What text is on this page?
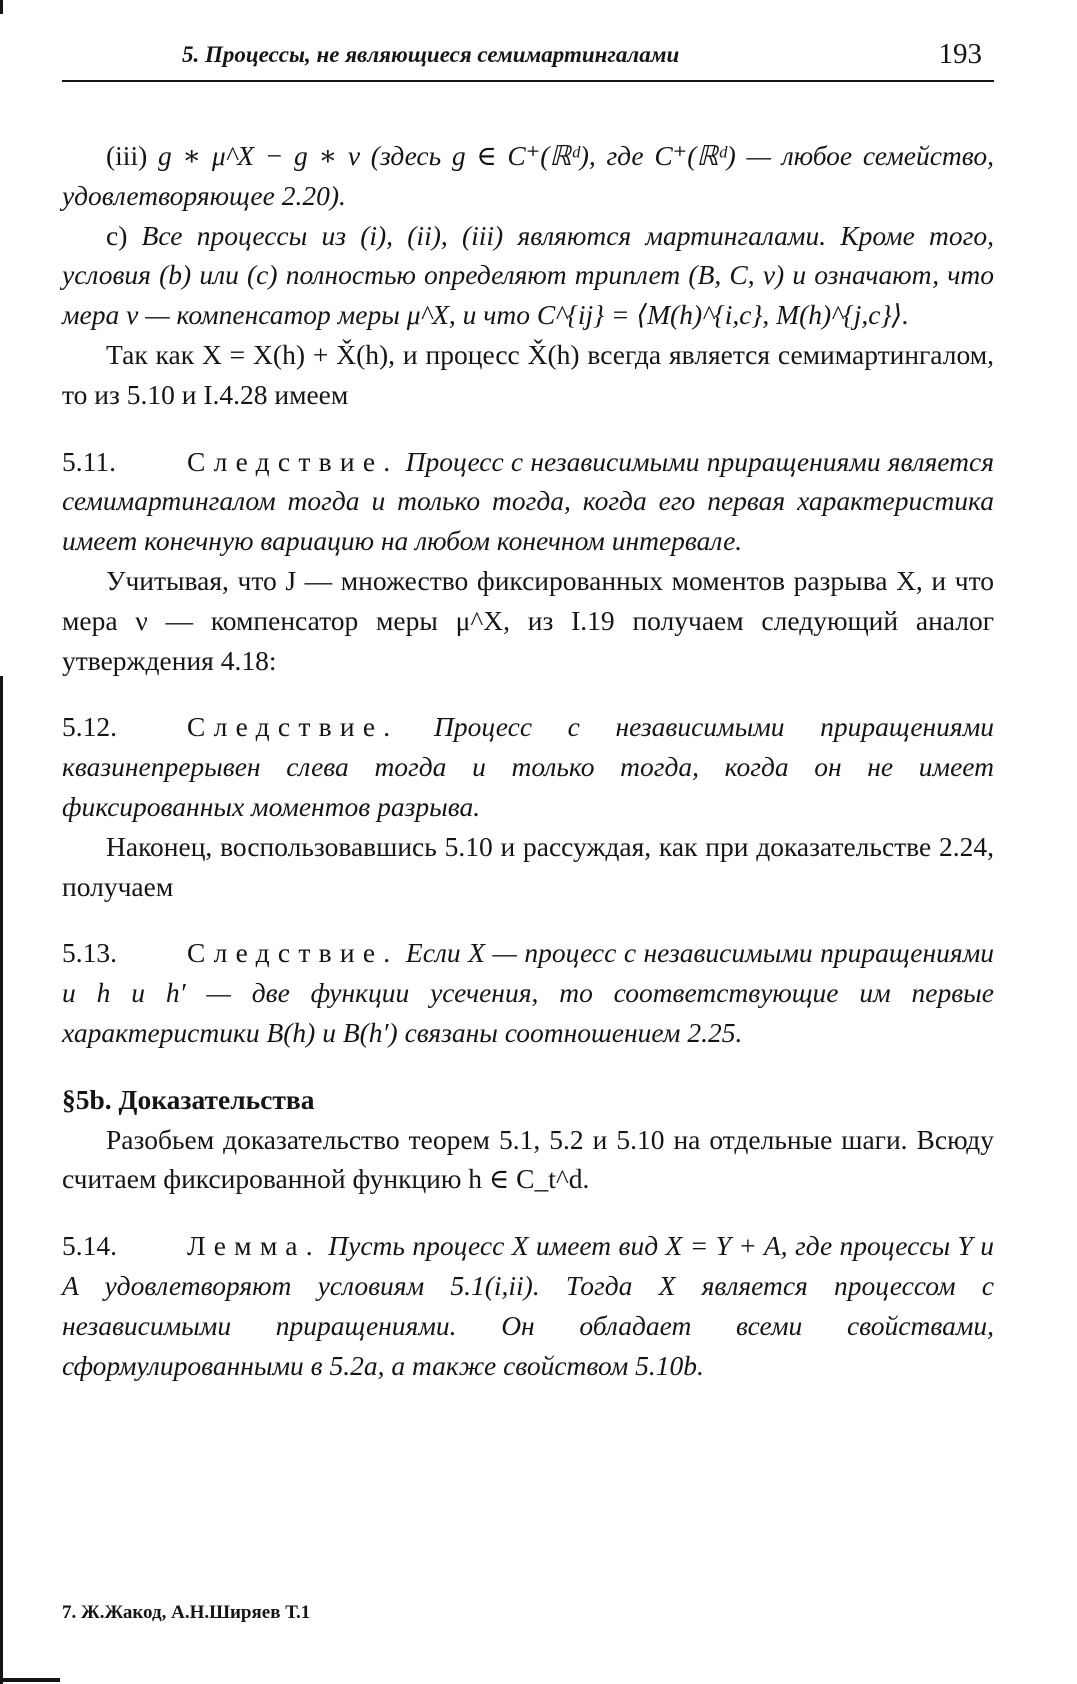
5. Процессы, не являющиеся семимартингалами	193

(iii) g ∗ μ^X − g ∗ ν (здесь g ∈ C⁺(ℝᵈ), где C⁺(ℝᵈ) — любое семейство, удовлетворяющее 2.20).

c) Все процессы из (i), (ii), (iii) являются мартингалами. Кроме того, условия (b) или (c) полностью определяют триплет (B, C, ν) и означают, что мера ν — компенсатор меры μ^X, и что C^{ij} = ⟨M(h)^{i,c}, M(h)^{j,c}⟩.

Так как X = X(h) + X̌(h), и процесс X̌(h) всегда является семимартингалом, то из 5.10 и I.4.28 имеем

5.11.	Следствие. Процесс с независимыми приращениями является семимартингалом тогда и только тогда, когда его первая характеристика имеет конечную вариацию на любом конечном интервале.

Учитывая, что J — множество фиксированных моментов разрыва X, и что мера ν — компенсатор меры μ^X, из I.19 получаем следующий аналог утверждения 4.18:

5.12.	Следствие. Процесс с независимыми приращениями квазинепрерывен слева тогда и только тогда, когда он не имеет фиксированных моментов разрыва.

Наконец, воспользовавшись 5.10 и рассуждая, как при доказательстве 2.24, получаем

5.13.	Следствие. Если X — процесс с независимыми приращениями и h и h′ — две функции усечения, то соответствующие им первые характеристики B(h) и B(h′) связаны соотношением 2.25.

§5b. Доказательства

Разобьем доказательство теорем 5.1, 5.2 и 5.10 на отдельные шаги. Всюду считаем фиксированной функцию h ∈ C_t^d.

5.14.	Лемма. Пусть процесс X имеет вид X = Y + A, где процессы Y и A удовлетворяют условиям 5.1(i,ii). Тогда X является процессом с независимыми приращениями. Он обладает всеми свойствами, сформулированными в 5.2a, а также свойством 5.10b.

7. Ж.Жакод, А.Н.Ширяев Т.1
